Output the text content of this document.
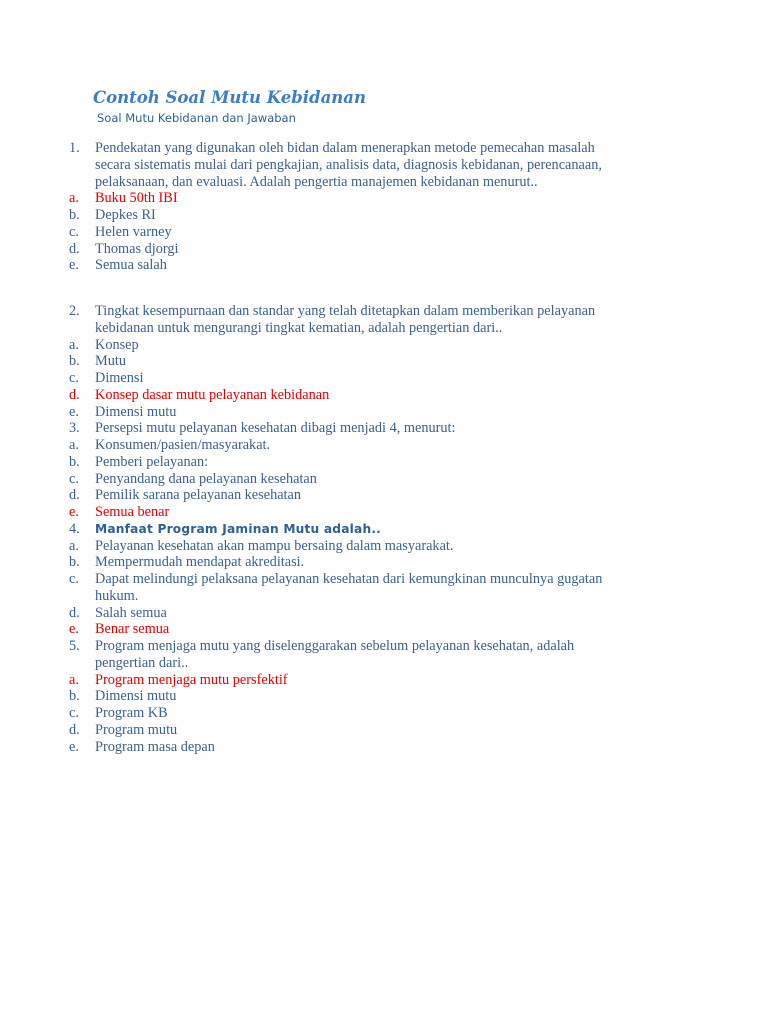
Contoh Soal Mutu Kebidanan
Soal Mutu Kebidanan dan Jawaban
1. Pendekatan yang digunakan oleh bidan dalam menerapkan metode pemecahan masalah
secara sistematis mulai dari pengkajian, analisis data, diagnosis kebidanan, perencanaan,
pelaksanaan, dan evaluasi. Adalah pengertia manajemen kebidanan menurut..
a. Buku 50th IBI
b. Depkes RI
c. Helen varney
d. Thomas djorgi
e. Semua salah
2. Tingkat kesempurnaan dan standar yang telah ditetapkan dalam memberikan pelayanan
kebidanan untuk mengurangi tingkat kematian, adalah pengertian dari..
a. Konsep
b. Mutu
c. Dimensi
d. Konsep dasar mutu pelayanan kebidanan
e. Dimensi mutu
3. Persepsi mutu pelayanan kesehatan dibagi menjadi 4, menurut:
a. Konsumen/pasien/masyarakat.
b. Pemberi pelayanan:
c. Penyandang dana pelayanan kesehatan
d. Pemilik sarana pelayanan kesehatan
e. Semua benar
4. Manfaat Program Jaminan Mutu adalah..
a. Pelayanan kesehatan akan mampu bersaing dalam masyarakat.
b. Mempermudah mendapat akreditasi.
c. Dapat melindungi pelaksana pelayanan kesehatan dari kemungkinan munculnya gugatan
hukum.
d. Salah semua
e. Benar semua
5. Program menjaga mutu yang diselenggarakan sebelum pelayanan kesehatan, adalah
pengertian dari..
a. Program menjaga mutu persfektif
b. Dimensi mutu
c. Program KB
d. Program mutu
e. Program masa depan
